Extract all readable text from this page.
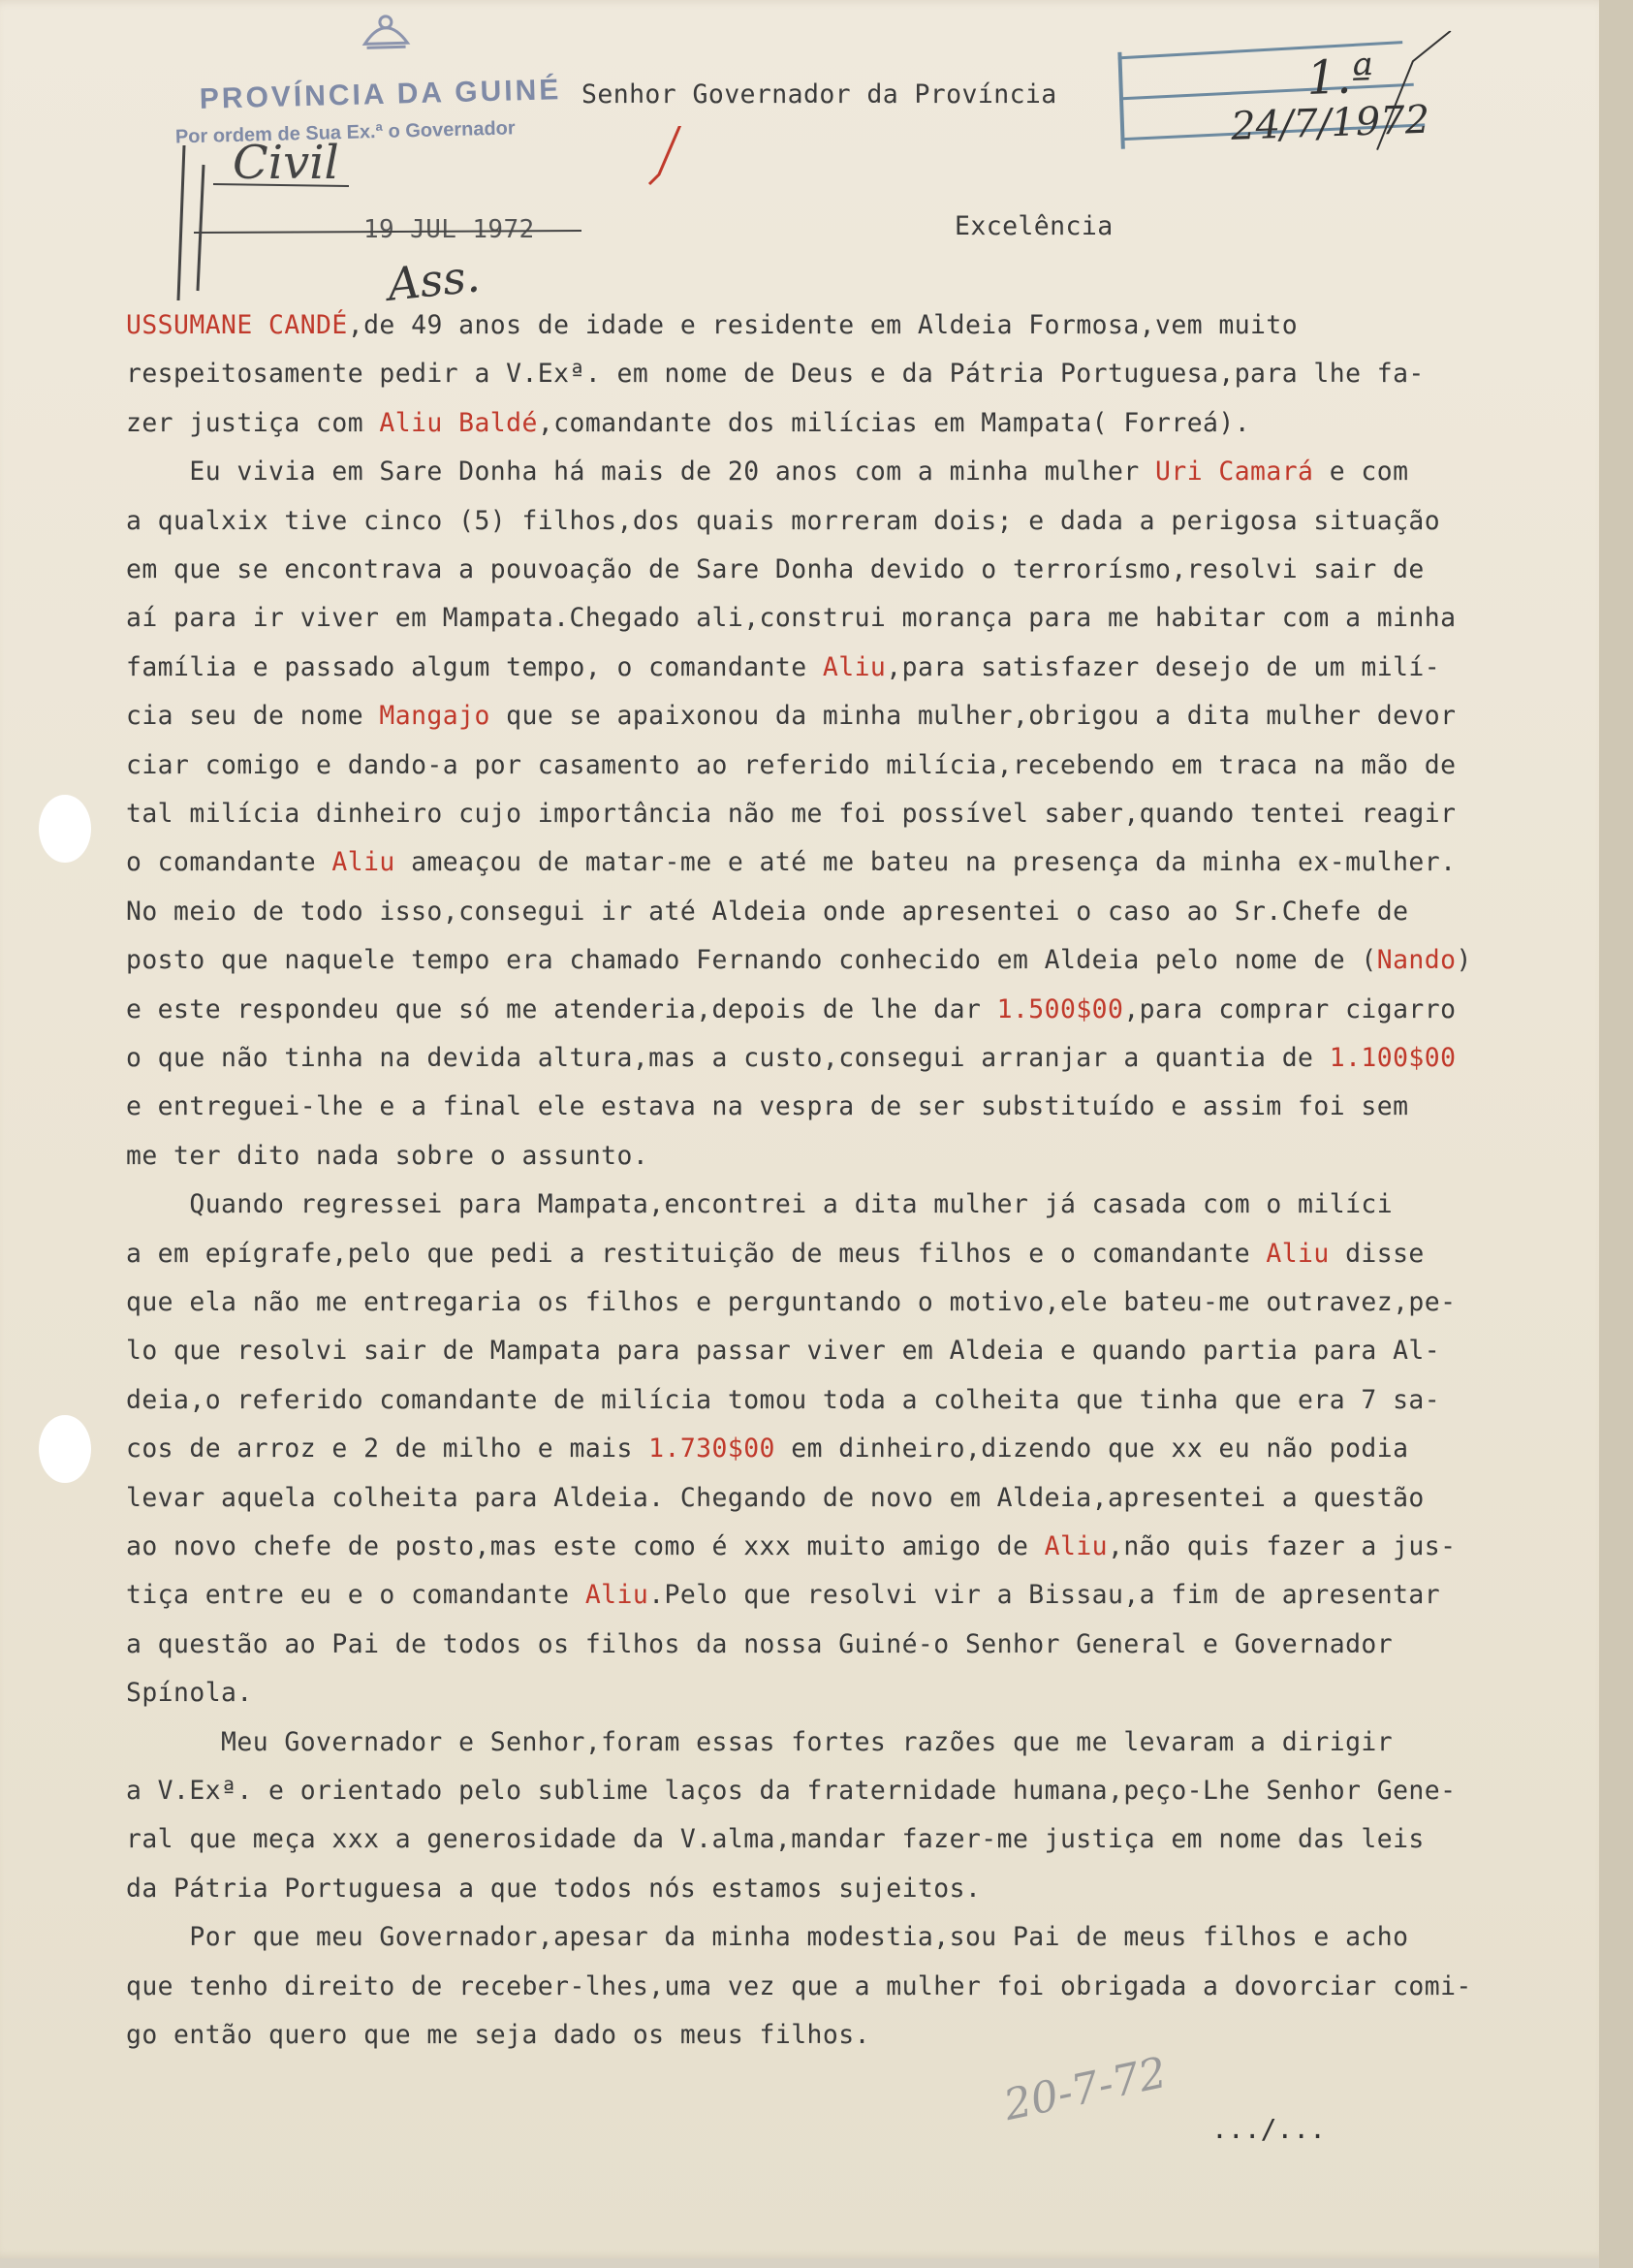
PROVÍNCIA DA GUINÉ
Por ordem de Sua Ex.ª o Governador
Senhor Governador da Província
Excelência
Civil
19 JUL 1972
Ass.
1.ª
24/7/1972
USSUMANE CANDÉ,de 49 anos de idade e residente em Aldeia Formosa,vem muito
respeitosamente pedir a V.Exª. em nome de Deus e da Pátria Portuguesa,para lhe fa-
zer justiça com Aliu Baldé,comandante dos milícias em Mampata( Forreá).
Eu vivia em Sare Donha há mais de 20 anos com a minha mulher Uri Camará e com
a qualxix tive cinco (5) filhos,dos quais morreram dois; e dada a perigosa situação
em que se encontrava a pouvoação de Sare Donha devido o terrorísmo,resolvi sair de
aí para ir viver em Mampata.Chegado ali,construi morança para me habitar com a minha
família e passado algum tempo, o comandante Aliu,para satisfazer desejo de um milí-
cia seu de nome Mangajo que se apaixonou da minha mulher,obrigou a dita mulher devor
ciar comigo e dando-a por casamento ao referido milícia,recebendo em traca na mão de
tal milícia dinheiro cujo importância não me foi possível saber,quando tentei reagir
o comandante Aliu ameaçou de matar-me e até me bateu na presença da minha ex-mulher.
No meio de todo isso,consegui ir até Aldeia onde apresentei o caso ao Sr.Chefe de
posto que naquele tempo era chamado Fernando conhecido em Aldeia pelo nome de (Nando)
e este respondeu que só me atenderia,depois de lhe dar 1.500$00,para comprar cigarro
o que não tinha na devida altura,mas a custo,consegui arranjar a quantia de 1.100$00
e entreguei-lhe e a final ele estava na vespra de ser substituído e assim foi sem
me ter dito nada sobre o assunto.
Quando regressei para Mampata,encontrei a dita mulher já casada com o milíci
a em epígrafe,pelo que pedi a restituição de meus filhos e o comandante Aliu disse
que ela não me entregaria os filhos e perguntando o motivo,ele bateu-me outravez,pe-
lo que resolvi sair de Mampata para passar viver em Aldeia e quando partia para Al-
deia,o referido comandante de milícia tomou toda a colheita que tinha que era 7 sa-
cos de arroz e 2 de milho e mais 1.730$00 em dinheiro,dizendo que xx eu não podia
levar aquela colheita para Aldeia. Chegando de novo em Aldeia,apresentei a questão
ao novo chefe de posto,mas este como é xxx muito amigo de Aliu,não quis fazer a jus-
tiça entre eu e o comandante Aliu.Pelo que resolvi vir a Bissau,a fim de apresentar
a questão ao Pai de todos os filhos da nossa Guiné-o Senhor General e Governador
Spínola.
Meu Governador e Senhor,foram essas fortes razões que me levaram a dirigir
a V.Exª. e orientado pelo sublime laços da fraternidade humana,peço-Lhe Senhor Gene-
ral que meça xxx a generosidade da V.alma,mandar fazer-me justiça em nome das leis
da Pátria Portuguesa a que todos nós estamos sujeitos.
Por que meu Governador,apesar da minha modestia,sou Pai de meus filhos e acho
que tenho direito de receber-lhes,uma vez que a mulher foi obrigada a dovorciar comi-
go então quero que me seja dado os meus filhos.
20-7-72 .../...
